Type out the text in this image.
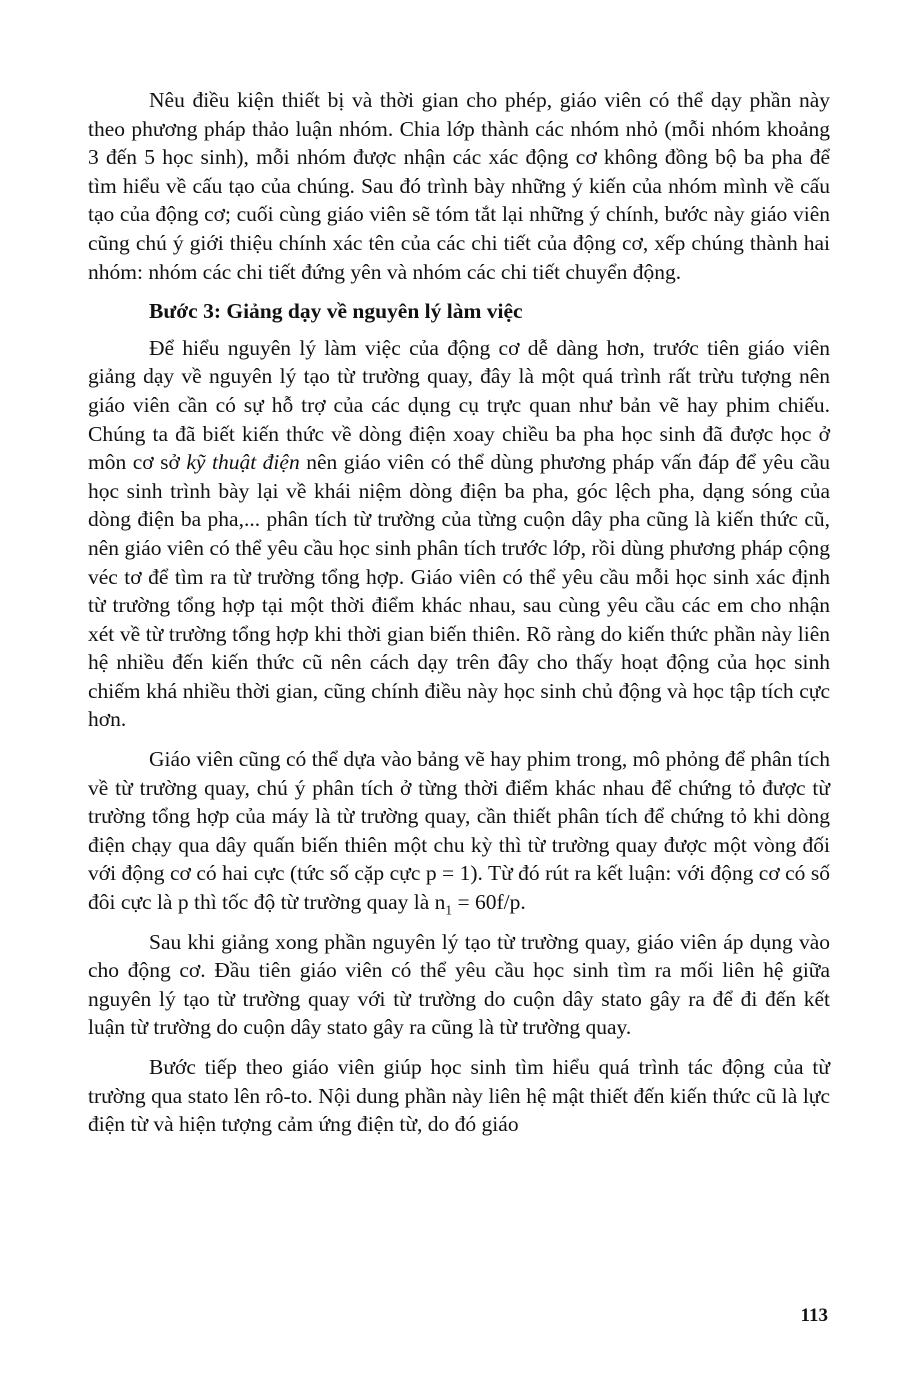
Nêu điều kiện thiết bị và thời gian cho phép, giáo viên có thể dạy phần này theo phương pháp thảo luận nhóm. Chia lớp thành các nhóm nhỏ (mỗi nhóm khoảng 3 đến 5 học sinh), mỗi nhóm được nhận các xác động cơ không đồng bộ ba pha để tìm hiểu về cấu tạo của chúng. Sau đó trình bày những ý kiến của nhóm mình về cấu tạo của động cơ; cuối cùng giáo viên sẽ tóm tắt lại những ý chính, bước này giáo viên cũng chú ý giới thiệu chính xác tên của các chi tiết của động cơ, xếp chúng thành hai nhóm: nhóm các chi tiết đứng yên và nhóm các chi tiết chuyển động.

Bước 3: Giảng dạy về nguyên lý làm việc

Để hiểu nguyên lý làm việc của động cơ dễ dàng hơn, trước tiên giáo viên giảng dạy về nguyên lý tạo từ trường quay, đây là một quá trình rất trừu tượng nên giáo viên cần có sự hỗ trợ của các dụng cụ trực quan như bản vẽ hay phim chiếu. Chúng ta đã biết kiến thức về dòng điện xoay chiều ba pha học sinh đã được học ở môn cơ sở kỹ thuật điện nên giáo viên có thể dùng phương pháp vấn đáp để yêu cầu học sinh trình bày lại về khái niệm dòng điện ba pha, góc lệch pha, dạng sóng của dòng điện ba pha,... phân tích từ trường của từng cuộn dây pha cũng là kiến thức cũ, nên giáo viên có thể yêu cầu học sinh phân tích trước lớp, rồi dùng phương pháp cộng véc tơ để tìm ra từ trường tổng hợp. Giáo viên có thể yêu cầu mỗi học sinh xác định từ trường tổng hợp tại một thời điểm khác nhau, sau cùng yêu cầu các em cho nhận xét về từ trường tổng hợp khi thời gian biến thiên. Rõ ràng do kiến thức phần này liên hệ nhiều đến kiến thức cũ nên cách dạy trên đây cho thấy hoạt động của học sinh chiếm khá nhiều thời gian, cũng chính điều này học sinh chủ động và học tập tích cực hơn.

Giáo viên cũng có thể dựa vào bảng vẽ hay phim trong, mô phỏng để phân tích về từ trường quay, chú ý phân tích ở từng thời điểm khác nhau để chứng tỏ được từ trường tổng hợp của máy là từ trường quay, cần thiết phân tích để chứng tỏ khi dòng điện chạy qua dây quấn biến thiên một chu kỳ thì từ trường quay được một vòng đối với động cơ có hai cực (tức số cặp cực p = 1). Từ đó rút ra kết luận: với động cơ có số đôi cực là p thì tốc độ từ trường quay là $n_1 = 60f/p$.

Sau khi giảng xong phần nguyên lý tạo từ trường quay, giáo viên áp dụng vào cho động cơ. Đầu tiên giáo viên có thể yêu cầu học sinh tìm ra mối liên hệ giữa nguyên lý tạo từ trường quay với từ trường do cuộn dây stato gây ra để đi đến kết luận từ trường do cuộn dây stato gây ra cũng là từ trường quay.

Bước tiếp theo giáo viên giúp học sinh tìm hiểu quá trình tác động của từ trường qua stato lên rô-to. Nội dung phần này liên hệ mật thiết đến kiến thức cũ là lực điện từ và hiện tượng cảm ứng điện từ, do đó giáo

113
